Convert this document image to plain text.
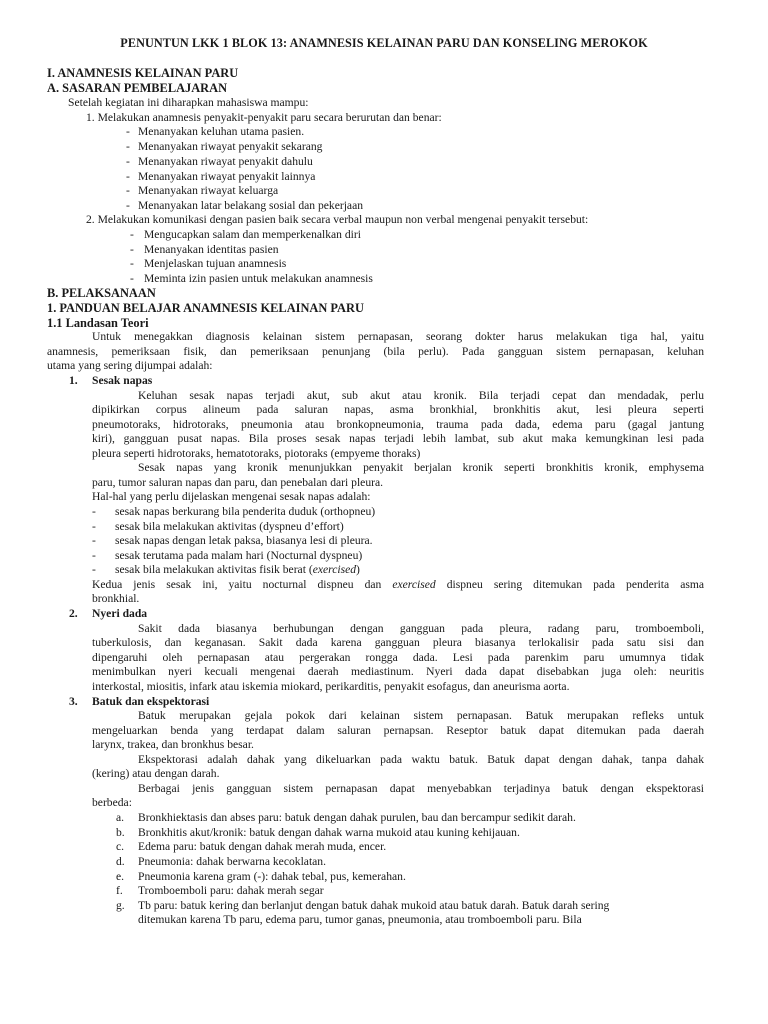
PENUNTUN LKK 1 BLOK 13: ANAMNESIS KELAINAN PARU DAN KONSELING MEROKOK
I. ANAMNESIS KELAINAN PARU
A. SASARAN PEMBELAJARAN
Setelah kegiatan ini diharapkan mahasiswa mampu:
1. Melakukan anamnesis penyakit-penyakit paru secara berurutan dan benar:
- Menanyakan keluhan utama pasien.
- Menanyakan riwayat penyakit sekarang
- Menanyakan riwayat penyakit dahulu
- Menanyakan riwayat penyakit lainnya
- Menanyakan riwayat keluarga
- Menanyakan latar belakang sosial dan pekerjaan
2. Melakukan komunikasi dengan pasien baik secara verbal maupun non verbal mengenai penyakit tersebut:
- Mengucapkan salam dan memperkenalkan diri
- Menanyakan identitas pasien
- Menjelaskan tujuan anamnesis
- Meminta izin pasien untuk melakukan anamnesis
B. PELAKSANAAN
1. PANDUAN BELAJAR ANAMNESIS KELAINAN PARU
1.1 Landasan Teori
Untuk menegakkan diagnosis kelainan sistem pernapasan, seorang dokter harus melakukan tiga hal, yaitu
anamnesis, pemeriksaan fisik, dan pemeriksaan penunjang (bila perlu). Pada gangguan sistem pernapasan, keluhan
utama yang sering dijumpai adalah:
1. Sesak napas
Keluhan sesak napas terjadi akut, sub akut atau kronik. Bila terjadi cepat dan mendadak, perlu
dipikirkan corpus alineum pada saluran napas, asma bronkhial, bronkhitis akut, lesi pleura seperti
pneumotoraks, hidrotoraks, pneumonia atau bronkopneumonia, trauma pada dada, edema paru (gagal jantung
kiri), gangguan pusat napas. Bila proses sesak napas terjadi lebih lambat, sub akut maka kemungkinan lesi pada
pleura seperti hidrotoraks, hematotoraks, piotoraks (empyeme thoraks)
Sesak napas yang kronik menunjukkan penyakit berjalan kronik seperti bronkhitis kronik, emphysema
paru, tumor saluran napas dan paru, dan penebalan dari pleura.
Hal-hal yang perlu dijelaskan mengenai sesak napas adalah:
- sesak napas berkurang bila penderita duduk (orthopneu)
- sesak bila melakukan aktivitas (dyspneu d’effort)
- sesak napas dengan letak paksa, biasanya lesi di pleura.
- sesak terutama pada malam hari (Nocturnal dyspneu)
- sesak bila melakukan aktivitas fisik berat (exercised)
Kedua jenis sesak ini, yaitu nocturnal dispneu dan exercised dispneu sering ditemukan pada penderita asma
bronkhial.
2. Nyeri dada
Sakit dada biasanya berhubungan dengan gangguan pada pleura, radang paru, tromboemboli,
tuberkulosis, dan keganasan. Sakit dada karena gangguan pleura biasanya terlokalisir pada satu sisi dan
dipengaruhi oleh pernapasan atau pergerakan rongga dada. Lesi pada parenkim paru umumnya tidak
menimbulkan nyeri kecuali mengenai daerah mediastinum. Nyeri dada dapat disebabkan juga oleh: neuritis
interkostal, miositis, infark atau iskemia miokard, perikarditis, penyakit esofagus, dan aneurisma aorta.
3. Batuk dan ekspektorasi
Batuk merupakan gejala pokok dari kelainan sistem pernapasan. Batuk merupakan refleks untuk
mengeluarkan benda yang terdapat dalam saluran pernapsan. Reseptor batuk dapat ditemukan pada daerah
larynx, trakea, dan bronkhus besar.
Ekspektorasi adalah dahak yang dikeluarkan pada waktu batuk. Batuk dapat dengan dahak, tanpa dahak
(kering) atau dengan darah.
Berbagai jenis gangguan sistem pernapasan dapat menyebabkan terjadinya batuk dengan ekspektorasi
berbeda:
a. Bronkhiektasis dan abses paru: batuk dengan dahak purulen, bau dan bercampur sedikit darah.
b. Bronkhitis akut/kronik: batuk dengan dahak warna mukoid atau kuning kehijauan.
c. Edema paru: batuk dengan dahak merah muda, encer.
d. Pneumonia: dahak berwarna kecoklatan.
e. Pneumonia karena gram (-): dahak tebal, pus, kemerahan.
f. Tromboemboli paru: dahak merah segar
g. Tb paru: batuk kering dan berlanjut dengan batuk dahak mukoid atau batuk darah. Batuk darah sering
ditemukan karena Tb paru, edema paru, tumor ganas, pneumonia, atau tromboemboli paru. Bila
